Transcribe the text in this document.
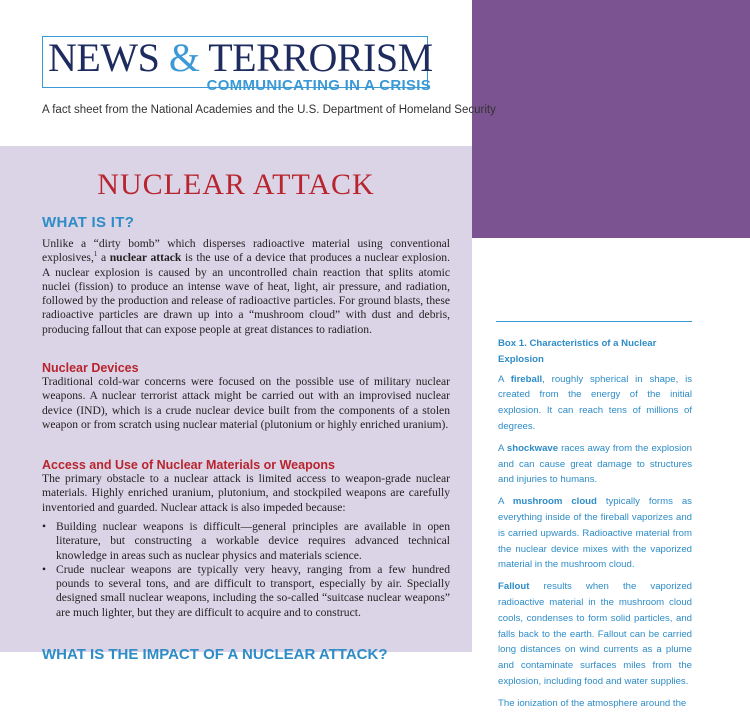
NEWS & TERRORISM
COMMUNICATING IN A CRISIS
A fact sheet from the National Academies and the U.S. Department of Homeland Security
NUCLEAR ATTACK
WHAT IS IT?
Unlike a “dirty bomb” which disperses radioactive material using conventional explosives,$^1$ a nuclear attack is the use of a device that produces a nuclear explosion. A nuclear explosion is caused by an uncontrolled chain reaction that splits atomic nuclei (fission) to produce an intense wave of heat, light, air pressure, and radiation, followed by the production and release of radioactive particles. For ground blasts, these radioactive particles are drawn up into a “mushroom cloud” with dust and debris, producing fallout that can expose people at great distances to radiation.
Nuclear Devices
Traditional cold-war concerns were focused on the possible use of military nuclear weapons. A nuclear terrorist attack might be carried out with an improvised nuclear device (IND), which is a crude nuclear device built from the components of a stolen weapon or from scratch using nuclear material (plutonium or highly enriched uranium).
Access and Use of Nuclear Materials or Weapons
The primary obstacle to a nuclear attack is limited access to weapon-grade nuclear materials. Highly enriched uranium, plutonium, and stockpiled weapons are carefully inventoried and guarded. Nuclear attack is also impeded because:
• Building nuclear weapons is difficult—general principles are available in open literature, but constructing a workable device requires advanced technical knowledge in areas such as nuclear physics and materials science.
• Crude nuclear weapons are typically very heavy, ranging from a few hundred pounds to several tons, and are difficult to transport, especially by air. Specially designed small nuclear weapons, including the so-called “suitcase nuclear weapons” are much lighter, but they are difficult to acquire and to construct.
WHAT IS THE IMPACT OF A NUCLEAR ATTACK?
Box 1. Characteristics of a Nuclear Explosion

A fireball, roughly spherical in shape, is created from the energy of the initial explosion. It can reach tens of millions of degrees.

A shockwave races away from the explosion and can cause great damage to structures and injuries to humans.

A mushroom cloud typically forms as everything inside of the fireball vaporizes and is carried upwards. Radioactive material from the nuclear device mixes with the vaporized material in the mushroom cloud.

Fallout results when the vaporized radioactive material in the mushroom cloud cools, condenses to form solid particles, and falls back to the earth. Fallout can be carried long distances on wind currents as a plume and contaminate surfaces miles from the explosion, including food and water supplies.

The ionization of the atmosphere around the
